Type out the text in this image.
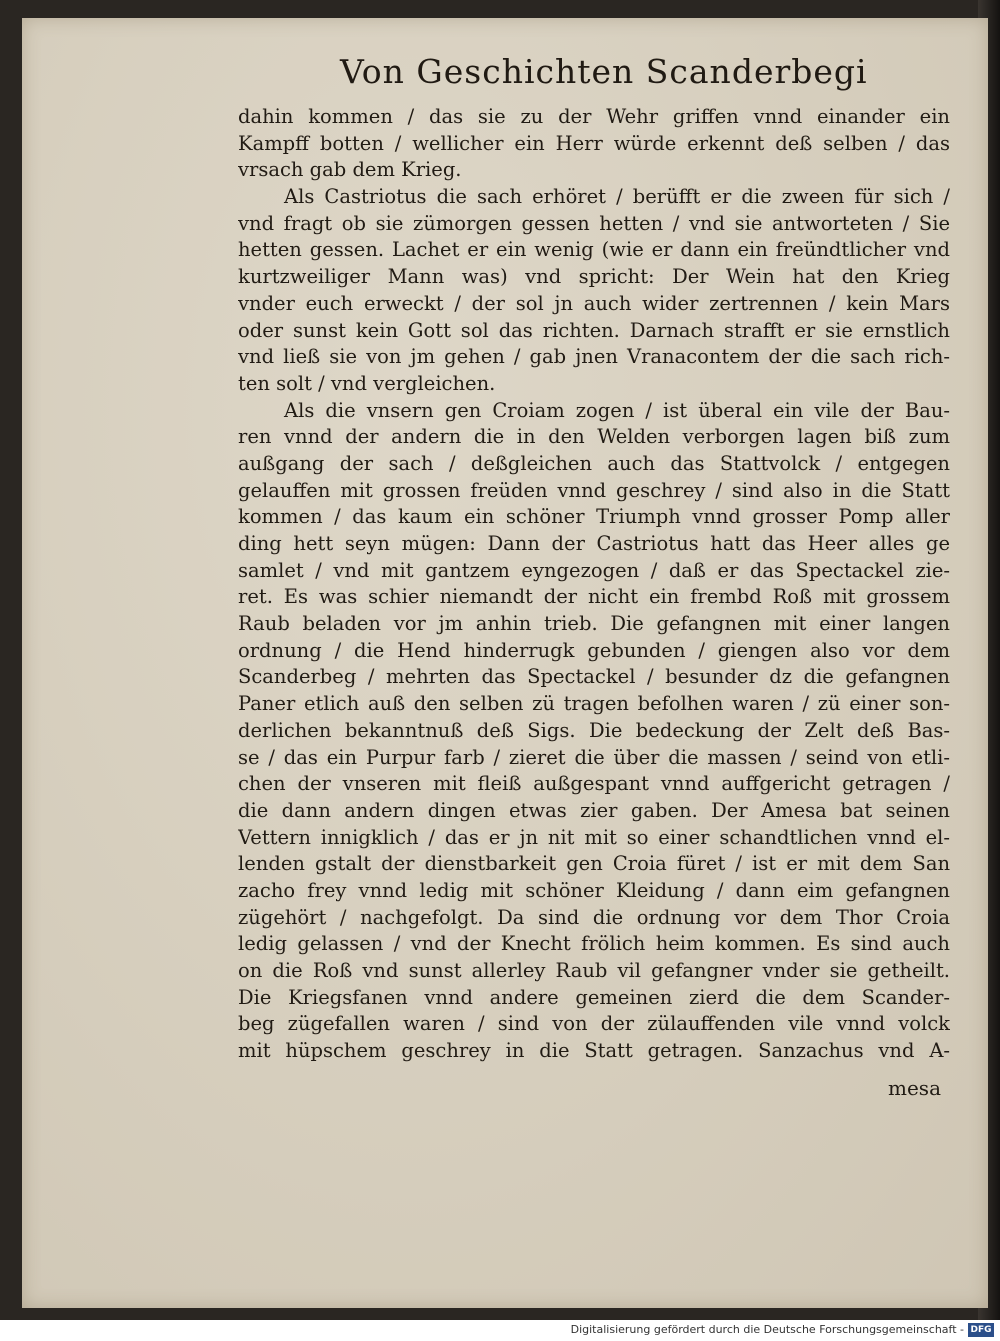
Von Geschichten Scanderbegi
dahin kommen / das sie zu der Wehr griffen vnnd einander ein
Kampff botten / wellicher ein Herr würde erkennt deß selben / das
vrsach gab dem Krieg.
Als Castriotus die sach erhöret / berüfft er die zween für sich /
vnd fragt ob sie zümorgen gessen hetten / vnd sie antworteten / Sie
hetten gessen. Lachet er ein wenig (wie er dann ein freündtlicher vnd
kurtzweiliger Mann was) vnd spricht: Der Wein hat den Krieg
vnder euch erweckt / der sol jn auch wider zertrennen / kein Mars
oder sunst kein Gott sol das richten. Darnach strafft er sie ernstlich
vnd ließ sie von jm gehen / gab jnen Vranacontem der die sach rich-
ten solt / vnd vergleichen.
Als die vnsern gen Croiam zogen / ist überal ein vile der Bau-
ren vnnd der andern die in den Welden verborgen lagen biß zum
außgang der sach / deßgleichen auch das Stattvolck / entgegen
gelauffen mit grossen freüden vnnd geschrey / sind also in die Statt
kommen / das kaum ein schöner Triumph vnnd grosser Pomp aller
ding hett seyn mügen: Dann der Castriotus hatt das Heer alles ge
samlet / vnd mit gantzem eyngezogen / daß er das Spectackel zie-
ret. Es was schier niemandt der nicht ein frembd Roß mit grossem
Raub beladen vor jm anhin trieb. Die gefangnen mit einer langen
ordnung / die Hend hinderrugk gebunden / giengen also vor dem
Scanderbeg / mehrten das Spectackel / besunder dz die gefangnen
Paner etlich auß den selben zü tragen befolhen waren / zü einer son-
derlichen bekanntnuß deß Sigs. Die bedeckung der Zelt deß Bas-
se / das ein Purpur farb / zieret die über die massen / seind von etli-
chen der vnseren mit fleiß außgespant vnnd auffgericht getragen /
die dann andern dingen etwas zier gaben. Der Amesa bat seinen
Vettern innigklich / das er jn nit mit so einer schandtlichen vnnd el-
lenden gstalt der dienstbarkeit gen Croia füret / ist er mit dem San
zacho frey vnnd ledig mit schöner Kleidung / dann eim gefangnen
zügehört / nachgefolgt. Da sind die ordnung vor dem Thor Croia
ledig gelassen / vnd der Knecht frölich heim kommen. Es sind auch
on die Roß vnd sunst allerley Raub vil gefangner vnder sie getheilt.
Die Kriegsfanen vnnd andere gemeinen zierd die dem Scander-
beg zügefallen waren / sind von der zülauffenden vile vnnd volck
mit hüpschem geschrey in die Statt getragen. Sanzachus vnd A-
mesa
Digitalisierung gefördert durch die Deutsche Forschungsgemeinschaft - DFG
